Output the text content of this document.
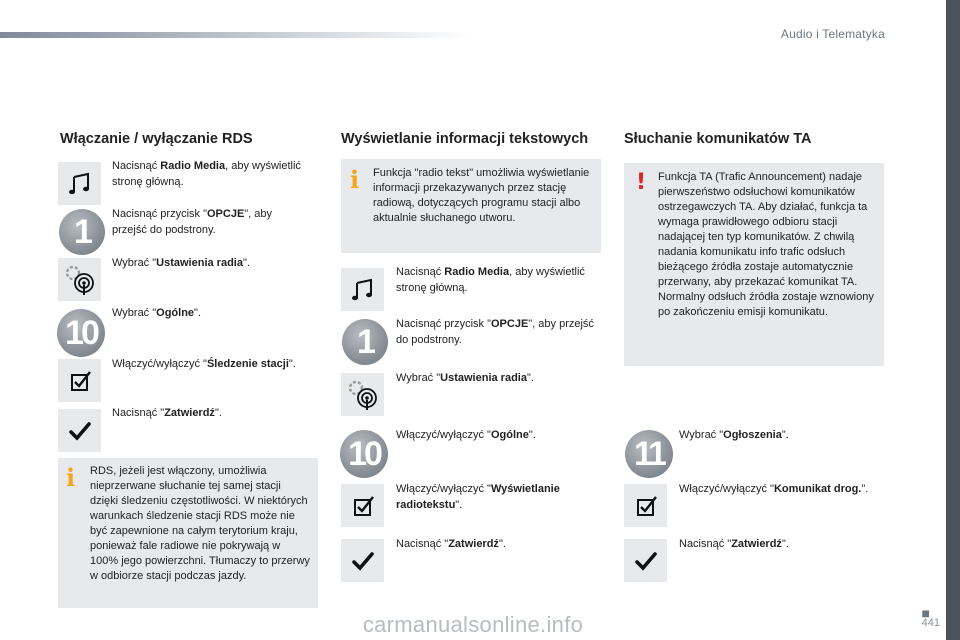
Audio i Telematyka
Włączanie / wyłączanie RDS
Nacisnąć Radio Media, aby wyświetlić stronę główną.
1	Nacisnąć przycisk "OPCJE", aby przejść do podstrony.
Wybrać "Ustawienia radia".
10
Wybrać "Ogólne".
Włączyć/wyłączyć "Śledzenie stacji".
Nacisnąć "Zatwierdź".
RDS, jeżeli jest włączony, umożliwia nieprzerwane słuchanie tej samej stacji dzięki śledzeniu częstotliwości. W niektórych warunkach śledzenie stacji RDS może nie być zapewnione na całym terytorium kraju, ponieważ fale radiowe nie pokrywają w 100% jego powierzchni. Tłumaczy to przerwy w odbiorze stacji podczas jazdy.
i
Wyświetlanie informacji tekstowych
Funkcja "radio tekst" umożliwia wyświetlanie informacji przekazywanych przez stację radiową, dotyczących programu stacji albo aktualnie słuchanego utworu.
i
Nacisnąć Radio Media, aby wyświetlić stronę główną.
1	Nacisnąć przycisk "OPCJE", aby przejść do podstrony.
Wybrać "Ustawienia radia".
10	Włączyć/wyłączyć "Ogólne".
Włączyć/wyłączyć "Wyświetlanie radiotekstu".
Nacisnąć "Zatwierdź".
Słuchanie komunikatów TA
Funkcja TA (Trafic Announcement) nadaje pierwszeństwo odsłuchowi komunikatów ostrzegawczych TA. Aby działać, funkcja ta wymaga prawidłowego odbioru stacji nadającej ten typ komunikatów. Z chwilą nadania komunikatu info trafic odsłuch bieżącego źródła zostaje automatycznie przerwany, aby przekazać komunikat TA. Normalny odsłuch źródła zostaje wznowiony po zakończeniu emisji komunikatu.
!
11	Wybrać "Ogłoszenia".
Włączyć/wyłączyć "Komunikat drog.".
Nacisnąć "Zatwierdź".
■
441
carmanualsonline.info
